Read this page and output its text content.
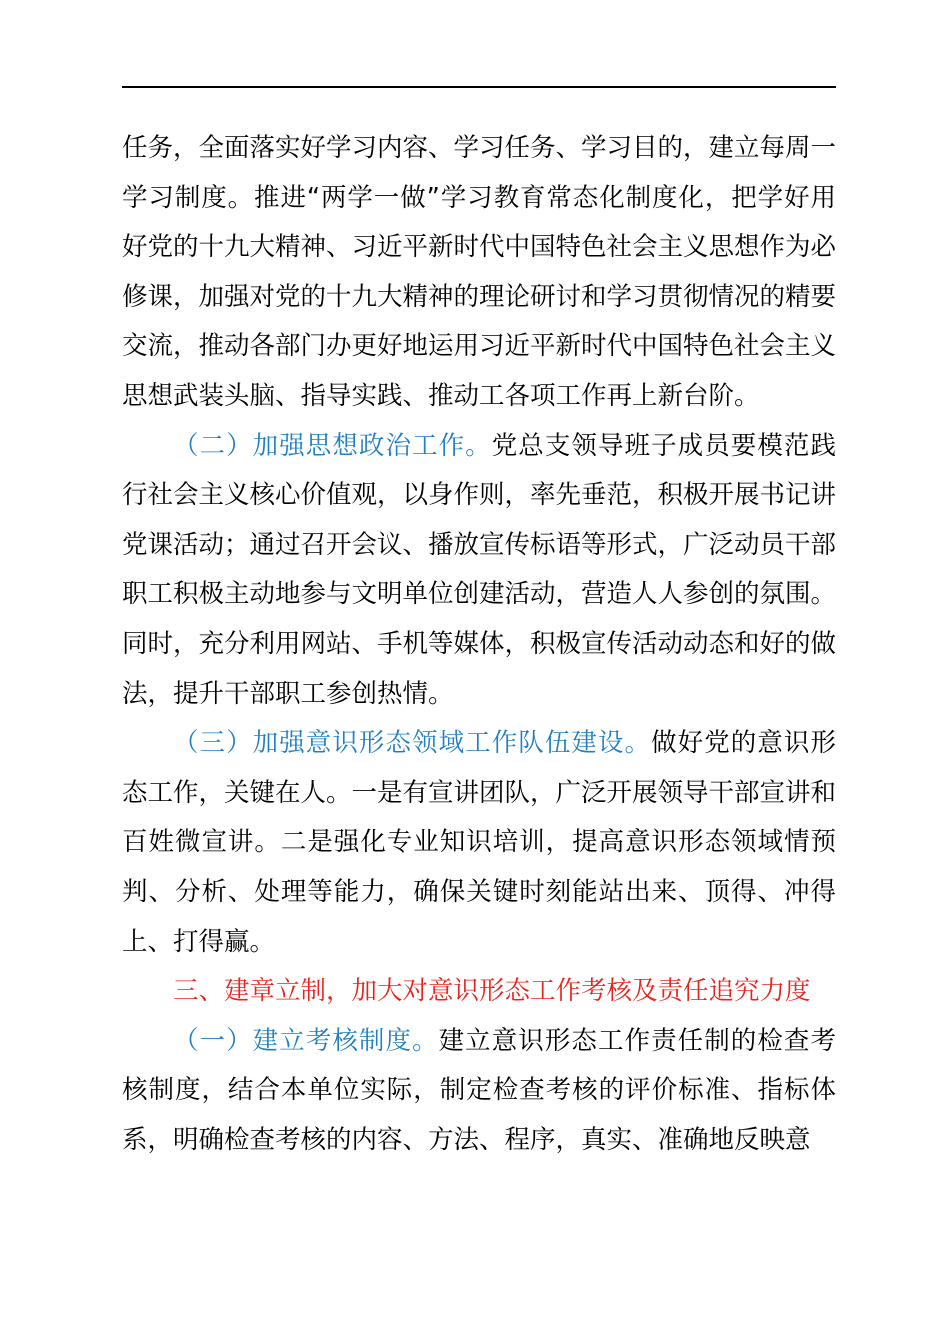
任务，全面落实好学习内容、学习任务、学习目的，建立每周一学习制度。推进“两学一做”学习教育常态化制度化，把学好用好党的十九大精神、习近平新时代中国特色社会主义思想作为必修课，加强对党的十九大精神的理论研讨和学习贯彻情况的精要交流，推动各部门办更好地运用习近平新时代中国特色社会主义思想武装头脑、指导实践、推动工各项工作再上新台阶。

（二）加强思想政治工作。党总支领导班子成员要模范践行社会主义核心价值观，以身作则，率先垂范，积极开展书记讲党课活动；通过召开会议、播放宣传标语等形式，广泛动员干部职工积极主动地参与文明单位创建活动，营造人人参创的氛围。同时，充分利用网站、手机等媒体，积极宣传活动动态和好的做法，提升干部职工参创热情。

（三）加强意识形态领域工作队伍建设。做好党的意识形态工作，关键在人。一是有宣讲团队，广泛开展领导干部宣讲和百姓微宣讲。二是强化专业知识培训，提高意识形态领域情预判、分析、处理等能力，确保关键时刻能站出来、顶得、冲得上、打得赢。

三、建章立制，加大对意识形态工作考核及责任追究力度

（一）建立考核制度。建立意识形态工作责任制的检查考核制度，结合本单位实际，制定检查考核的评价标准、指标体系，明确检查考核的内容、方法、程序，真实、准确地反映意
